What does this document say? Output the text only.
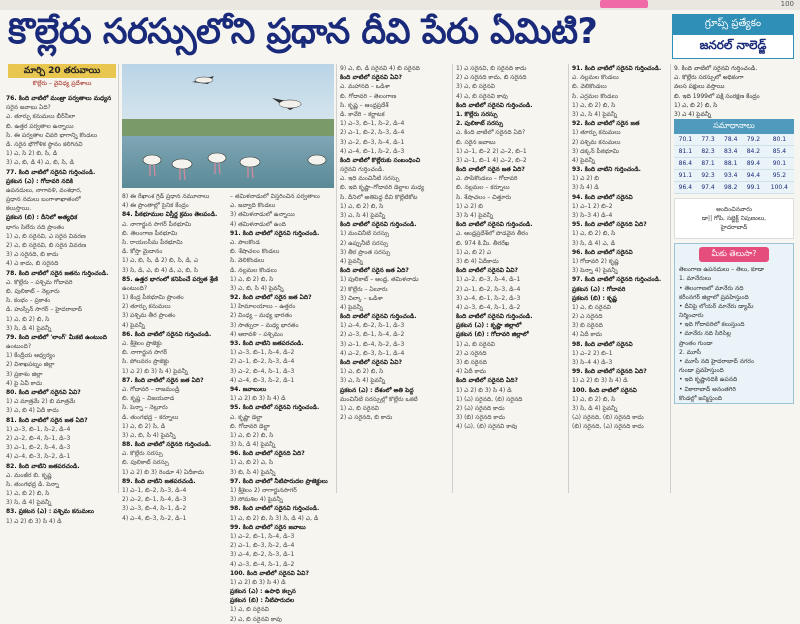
100
కొల్లేరు సరస్సులోని ప్రధాన దీవి పేరు ఏమిటి?	గ్రూప్స్ ప్రత్యేకం
జనరల్ నాలెడ్జ్
మార్చి 20 తరువాయి
కొల్లేరు – వైవిధ్య ప్రదేశాలు
76. కింది వాటిలో మంజ్రా పర్వతాలు మధ్యన
సరైన జవాబు ఏది?
ఎ. తూర్పు కనుమలు బీర్‌నీలా
బి. ఉత్తర పర్వతాల ఉన్నాయి
సి. ఈ పర్వతాల చివరి భాగాన్ని కొండలు
డి. సరైన భౌగోళిక స్థానం కలిగినవి
1) ఎ, సి 2) బి, సి, డి
3) ఎ, బి, డి 4) ఎ, బి, సి, డి
77. కింది వాటిలో సరైనవి గుర్తించండి.
ప్రకటన (ఎ) : గోదావరి నదికి
ఉపనదులు, నాగావళి, వంశధార,
ప్రధాన నదులు బంగాళాఖాతంలో
కలుస్తాయి.
ప్రకటన (బి) : దీనిలో అత్యధిక
భాగం సిలేరు నది ప్రాంతం
1) ఎ, బి సరైనవి, ఎ సరైన వివరణ
2) ఎ, బి సరైనవి, బి సరైన వివరణ
3) ఎ సరైనది, బి కాదు
4) ఎ కాదు, బి సరైనది
78. కింది వాటిలో సరైన జతను గుర్తించండి.
ఎ. కొల్లేరు – పశ్చిమ గోదావరి
బి. పులికాట్ – నెల్లూరు
సి. కంభం – ప్రకాశం
డి. హుస్సేన్ సాగర్ – హైదరాబాద్
1) ఎ, బి 2) బి, సి
3) సి, డి 4) పైవన్నీ
79. కింది వాటిలో 'లాంగ్' మీకటి ఉంటుంది
ఉంటుంది?
1) కేంద్రీయ ఆధ్వర్యం
2) విశాఖపట్నం జిల్లా
3) ప్రకాశం జిల్లా
4) పై ఏవీ కాదు
80. కింది వాటిలో సరైనవి ఏవి?
1) ఎ మాత్రమే 2) బి మాత్రమే
3) ఎ, బి 4) ఏదీ కాదు
81. కింది వాటిలో సరైన జత ఏది?
1) ఎ–3, బి–1, సి–2, డి–4
2) ఎ–2, బి–4, సి–1, డి–3
3) ఎ–1, బి–2, సి–4, డి–3
4) ఎ–4, బి–3, సి–2, డి–1
82. కింది వాటిని జతపరచండి.
ఎ. మంజీర బి. కృష్ణ
సి. తుంగభద్ర డి. పెన్నా
1) ఎ, బి 2) బి, సి
3) సి, డి 4) పైవన్నీ
83. ప్రకటన (ఎ) : పశ్చిమ కనుమలు
1) ఎ 2) బి 3) సి 4) డి
8) ఈ రేఖాంశ గ్రిడ్ ప్రధాన నమూనాలు
4) ఈ ప్రాంతాల్లో సైనిక కేంద్రం
84. పీఠభూముల విస్తీర్ణ క్రమం తెలపండి.
ఎ. నాగార్జున సాగర్ పీఠభూమి
బి. తెలంగాణ పీఠభూమి
సి. రాయలసీమ పీఠభూమి
డి. కోస్తా మైదానం
1) ఎ, బి, సి, డి 2) బి, సి, డి, ఎ
3) సి, డి, ఎ, బి 4) డి, ఎ, బి, సి
85. ఉత్తర భాగంలో కనిపించే పర్వత శ్రేణి
ఉంటుంది?
1) కేంద్ర పీఠభూమి ప్రాంతం
2) తూర్పు కనుమలు
3) పశ్చిమ తీర ప్రాంతం
4) పైవన్నీ
86. కింది వాటిలో సరైనవి గుర్తించండి.
ఎ. శ్రీశైలం ప్రాజెక్టు
బి. నాగార్జున సాగర్
సి. పోలవరం ప్రాజెక్టు
1) ఎ 2) బి 3) సి 4) పైవన్నీ
87. కింది వాటిలో సరైన జత ఏది?
ఎ. గోదావరి – రాజమండ్రి
బి. కృష్ణ – విజయవాడ
సి. పెన్నా – నెల్లూరు
డి. తుంగభద్ర – కర్నూలు
1) ఎ, బి 2) సి, డి
3) ఎ, బి, సి 4) పైవన్నీ
88. కింది వాటిలో సరైనది గుర్తించండి.
ఎ. కొల్లేరు సరస్సు
బి. పులికాట్ సరస్సు
1) ఎ 2) బి 3) రెండూ 4) ఏదీకాదు
89. కింది వాటిని జతపరచండి.
1) ఎ–1, బి–2, సి–3, డి–4
2) ఎ–2, బి–1, సి–4, డి–3
3) ఎ–3, బి–4, సి–1, డి–2
4) ఎ–4, బి–3, సి–2, డి–1
– తమిళనాడులో విస్తరించిన పర్వతాలు
ఎ. జవ్వాది కొండలు
3) తమిళనాడులో ఉన్నాయి
4) తమిళనాడులో ఉంది
91. కింది వాటిలో సరైనవి గుర్తించండి.
ఎ. పాలకొండ
బి. శేషాచలం కొండలు
సి. వెలికొండలు
డి. నల్లమల కొండలు
1) ఎ, బి 2) బి, సి
3) ఎ, బి, సి 4) పైవన్నీ
92. కింది వాటిలో సరైన జత ఏది?
1) హిమాలయాలు – ఉత్తరం
2) వింధ్య – మధ్య భారతం
3) సాత్పురా – మధ్య భారతం
4) ఆరావళి – పశ్చిమం
93. కింది వాటిని జతపరచండి.
1) ఎ–3, బి–1, సి–4, డి–2
2) ఎ–1, బి–2, సి–3, డి–4
3) ఎ–2, బి–4, సి–1, డి–3
4) ఎ–4, బి–3, సి–2, డి–1
94. జవాబులు
1) ఎ 2) బి 3) సి 4) డి
95. కింది వాటిలో సరైనవి గుర్తించండి.
ఎ. కృష్ణా డెల్టా
బి. గోదావరి డెల్టా
1) ఎ, బి 2) బి, సి
3) సి, డి 4) పైవన్నీ
96. కింది వాటిలో సరైనది ఏది?
1) ఎ, బి 2) ఎ, సి
3) బి, సి 4) పైవన్నీ
97. కింది వాటిలో నీటిపారుదల ప్రాజెక్టులు
1) శ్రీశైలం 2) నాగార్జునసాగర్
3) సోమశిల 4) పైవన్నీ
98. కింది వాటిలో సరైనవి గుర్తించండి.
1) ఎ, బి 2) బి, సి 3) సి, డి 4) ఎ, డి
99. కింది వాటిలో సరైన జవాబు
1) ఎ–2, బి–1, సి–4, డి–3
2) ఎ–1, బి–3, సి–2, డి–4
3) ఎ–4, బి–2, సి–3, డి–1
4) ఎ–3, బి–4, సి–1, డి–2
100. కింది వాటిలో సరైనవి ఏవి?
1) ఎ 2) బి 3) సి 4) డి
ప్రకటన (ఎ) : ఉపాధి కల్పన
ప్రకటన (బి) : నీటిపారుదల
1) ఎ, బి సరైనవి
2) ఎ, బి సరైనవి కావు
9) ఎ, బి, డి సరైనవి 4) బి సరైనది
కింది వాటిలో సరైనవి ఏవి?
ఎ. మహానది – ఒడిశా
బి. గోదావరి – తెలంగాణ
సి. కృష్ణ – ఆంధ్రప్రదేశ్
డి. కావేరి – కర్ణాటక
1) ఎ–3, బి–1, సి–2, డి–4
2) ఎ–1, బి–2, సి–3, డి–4
3) ఎ–2, బి–3, సి–4, డి–1
4) ఎ–4, బి–1, సి–2, డి–3
కింది వాటిలో కొల్లేరుకు సంబంధించి
సరైనవి గుర్తించండి.
ఎ. ఇది మంచినీటి సరస్సు
బి. ఇది కృష్ణా–గోదావరి డెల్టాల మధ్య
సి. దీనిలో అతిపెద్ద దీవి కొల్లేటికోట
1) ఎ, బి 2) బి, సి
3) ఎ, సి 4) పైవన్నీ
కింది వాటిలో సరైనవి గుర్తించండి.
1) మంచినీటి సరస్సు
2) ఉప్పునీటి సరస్సు
3) తీర ప్రాంత సరస్సు
4) పైవన్నీ
కింది వాటిలో సరైన జత ఏది?
1) పులికాట్ – ఆంధ్ర, తమిళనాడు
2) కొల్లేరు – ఏలూరు
3) చిల్కా – ఒడిశా
4) పైవన్నీ
కింది వాటిలో సరైనవి గుర్తించండి.
1) ఎ–4, బి–2, సి–1, డి–3
2) ఎ–3, బి–1, సి–4, డి–2
3) ఎ–1, బి–4, సి–2, డి–3
4) ఎ–2, బి–3, సి–1, డి–4
కింది వాటిలో సరైనవి ఏవి?
1) ఎ, బి 2) బి, సి
3) ఎ, సి 4) పైవన్నీ
ప్రకటన (ఎ) : దేశంలో అతి పెద్ద
మంచినీటి సరస్సుల్లో కొల్లేరు ఒకటి
1) ఎ, బి సరైనవి
2) ఎ సరైనది, బి కాదు
1) ఎ సరైనవి, బి సరైనది కాదు
2) ఎ సరైనది కాదు, బి సరైనది
3) ఎ, బి సరైనవి
4) ఎ, బి సరైనవి కావు
కింది వాటిలో సరైనవి గుర్తించండి.
1. కొల్లేరు సరస్సు
2. పులికాట్ సరస్సు
ఎ. కింది వాటిలో సరైనది ఏది?
బి. సరైన జవాబు
1) ఎ–1, బి–2 2) ఎ–2, బి–1
3) ఎ–1, బి–1 4) ఎ–2, బి–2
కింది వాటిలో సరైన జత ఏది?
ఎ. పాపికొండలు – గోదావరి
బి. నల్లమల – కర్నూలు
సి. శేషాచలం – చిత్తూరు
1) ఎ 2) బి
3) సి 4) పైవన్నీ
కింది వాటిలో సరైనవి గుర్తించండి.
ఎ. ఆంధ్రప్రదేశ్‌లో పొడవైన తీరం
బి. 974 కి.మీ. తీరరేఖ
1) ఎ, బి 2) ఎ
3) బి 4) ఏదీకాదు
కింది వాటిలో సరైనవి ఏవి?
1) ఎ–2, బి–3, సి–4, డి–1
2) ఎ–1, బి–2, సి–3, డి–4
3) ఎ–4, బి–1, సి–2, డి–3
4) ఎ–3, బి–4, సి–1, డి–2
కింది వాటిలో సరైనవి గుర్తించండి.
ప్రకటన (ఎ) : కృష్ణా జిల్లాలో
ప్రకటన (బి) : గోదావరి జిల్లాలో
1) ఎ, బి సరైనవి
2) ఎ సరైనది
3) బి సరైనది
4) ఏదీ కాదు
కింది వాటిలో సరైనది ఏది?
1) ఎ 2) బి 3) సి 4) డి
1) (ఎ) సరైనది, (బి) సరైనది
2) (ఎ) సరైనది కాదు
3) (బి) సరైనది కాదు
4) (ఎ), (బి) సరైనవి కావు
91. కింది వాటిలో సరైనవి గుర్తించండి.
ఎ. నల్లమల కొండలు
బి. వెలికొండలు
సి. ఎర్రమల కొండలు
1) ఎ, బి 2) బి, సి
3) ఎ, సి 4) పైవన్నీ
92. కింది వాటిలో సరైన జత
1) తూర్పు కనుమలు
2) పశ్చిమ కనుమలు
3) దక్కన్ పీఠభూమి
4) పైవన్నీ
93. కింది వాటిని గుర్తించండి.
1) ఎ 2) బి
3) సి 4) డి
94. కింది వాటిలో సరైనవి
1) ఎ–1 2) బి–2
3) సి–3 4) డి–4
95. కింది వాటిలో సరైనది ఏది?
1) ఎ, బి 2) బి, సి
3) సి, డి 4) ఎ, డి
96. కింది వాటిలో సరైనవి
1) గోదావరి 2) కృష్ణ
3) పెన్నా 4) పైవన్నీ
97. కింది వాటిలో సరైనది గుర్తించండి.
ప్రకటన (ఎ) : గోదావరి
ప్రకటన (బి) : కృష్ణ
1) ఎ, బి సరైనవి
2) ఎ సరైనది
3) బి సరైనది
4) ఏదీ కాదు
98. కింది వాటిలో సరైనవి
1) ఎ–2 2) బి–1
3) సి–4 4) డి–3
99. కింది వాటిలో సరైనది ఏది?
1) ఎ 2) బి 3) సి 4) డి
100. కింది వాటిలో సరైనవి
1) ఎ, బి 2) బి, సి
3) సి, డి 4) పైవన్నీ
(ఎ) సరైనది, (బి) సరైనది కాదు
(బి) సరైనది, (ఎ) సరైనది కాదు
9. కింది వాటిలో సరైనవి గుర్తించండి.
ఎ. కొల్లేరు సరస్సులో అధికంగా
వలస పక్షులు వస్తాయి
బి. ఇది 1999లో పక్షి సంరక్షణ కేంద్రం
1) ఎ, బి 2) బి, సి
3) ఎ 4) పైవన్నీ
సమాధానాలు
70.1	77.3	78.4	79.2	80.1
81.1	82.3	83.4	84.2	85.4
86.4	87.1	88.1	89.4	90.1
91.1	92.3	93.4	94.4	95.2
96.4	97.4	98.2	99.1	100.4
అందించినవారు
డా|| గోపి, సబ్జెక్ట్ నిపుణులు,
హైదరాబాద్
మీకు తెలుసా?
తెలంగాణ ఉపనదులు – తెలు, కూడా
1. మానేరులు
• తెలంగాణలో మానేరు నది
కరీంనగర్ జిల్లాలో ప్రవహిస్తుంది
• దీనిపై లోయర్ మానేరు డ్యామ్
నిర్మించారు
• ఇది గోదావరిలో కలుస్తుంది
• మానేరు నది సిరిసిల్ల
ప్రాంతం గుండా
2. మూసీ
• మూసీ నది హైదరాబాద్ నగరం
గుండా ప్రవహిస్తుంది
• ఇది కృష్ణానదికి ఉపనది
• వికారాబాద్ అనంతగిరి
కొండల్లో జన్మిస్తుంది
